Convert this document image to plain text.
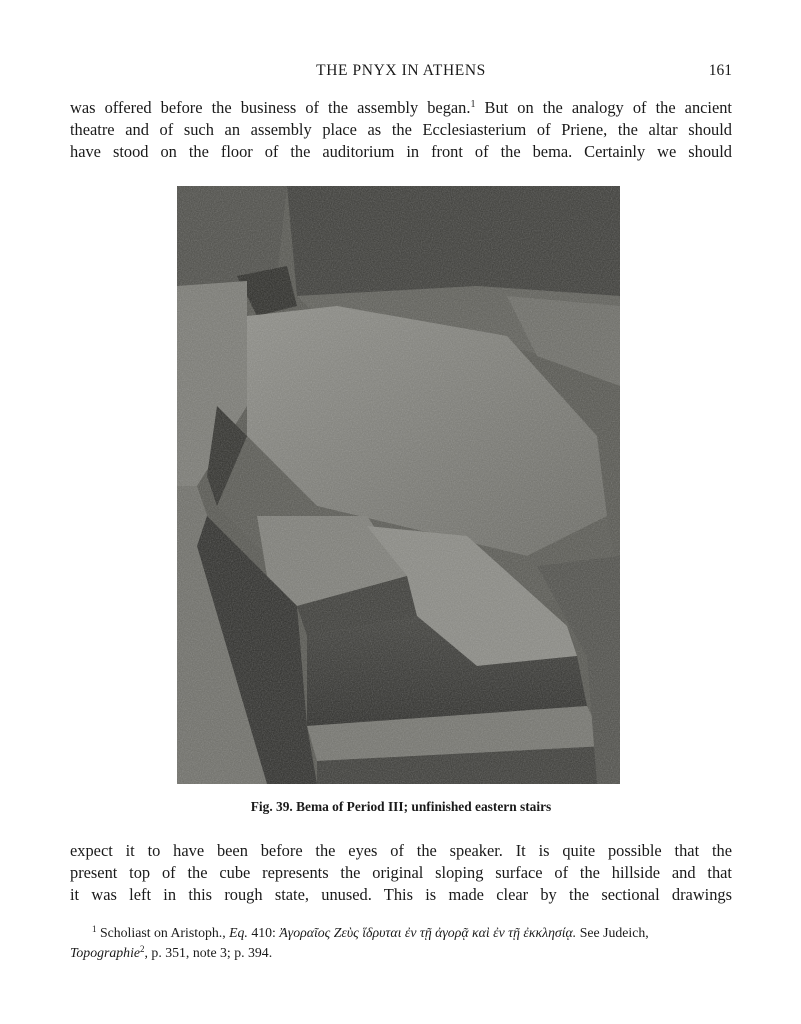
THE PNYX IN ATHENS	161
was offered before the business of the assembly began.$^1$ But on the analogy of the ancient
theatre and of such an assembly place as the Ecclesiasterium of Priene, the altar should
have stood on the floor of the auditorium in front of the bema. Certainly we should
Fig. 39. Bema of Period III; unfinished eastern stairs
expect it to have been before the eyes of the speaker. It is quite possible that the
present top of the cube represents the original sloping surface of the hillside and that
it was left in this rough state, unused. This is made clear by the sectional drawings
$^1$ Scholiast on Aristoph., Eq. 410: Ἀγοραῖος Ζεὺς ἵδρυται ἐν τῇ ἀγορᾷ καὶ ἐν τῇ ἐκκλησίᾳ. See Judeich,
Topographie$^2$, p. 351, note 3; p. 394.
